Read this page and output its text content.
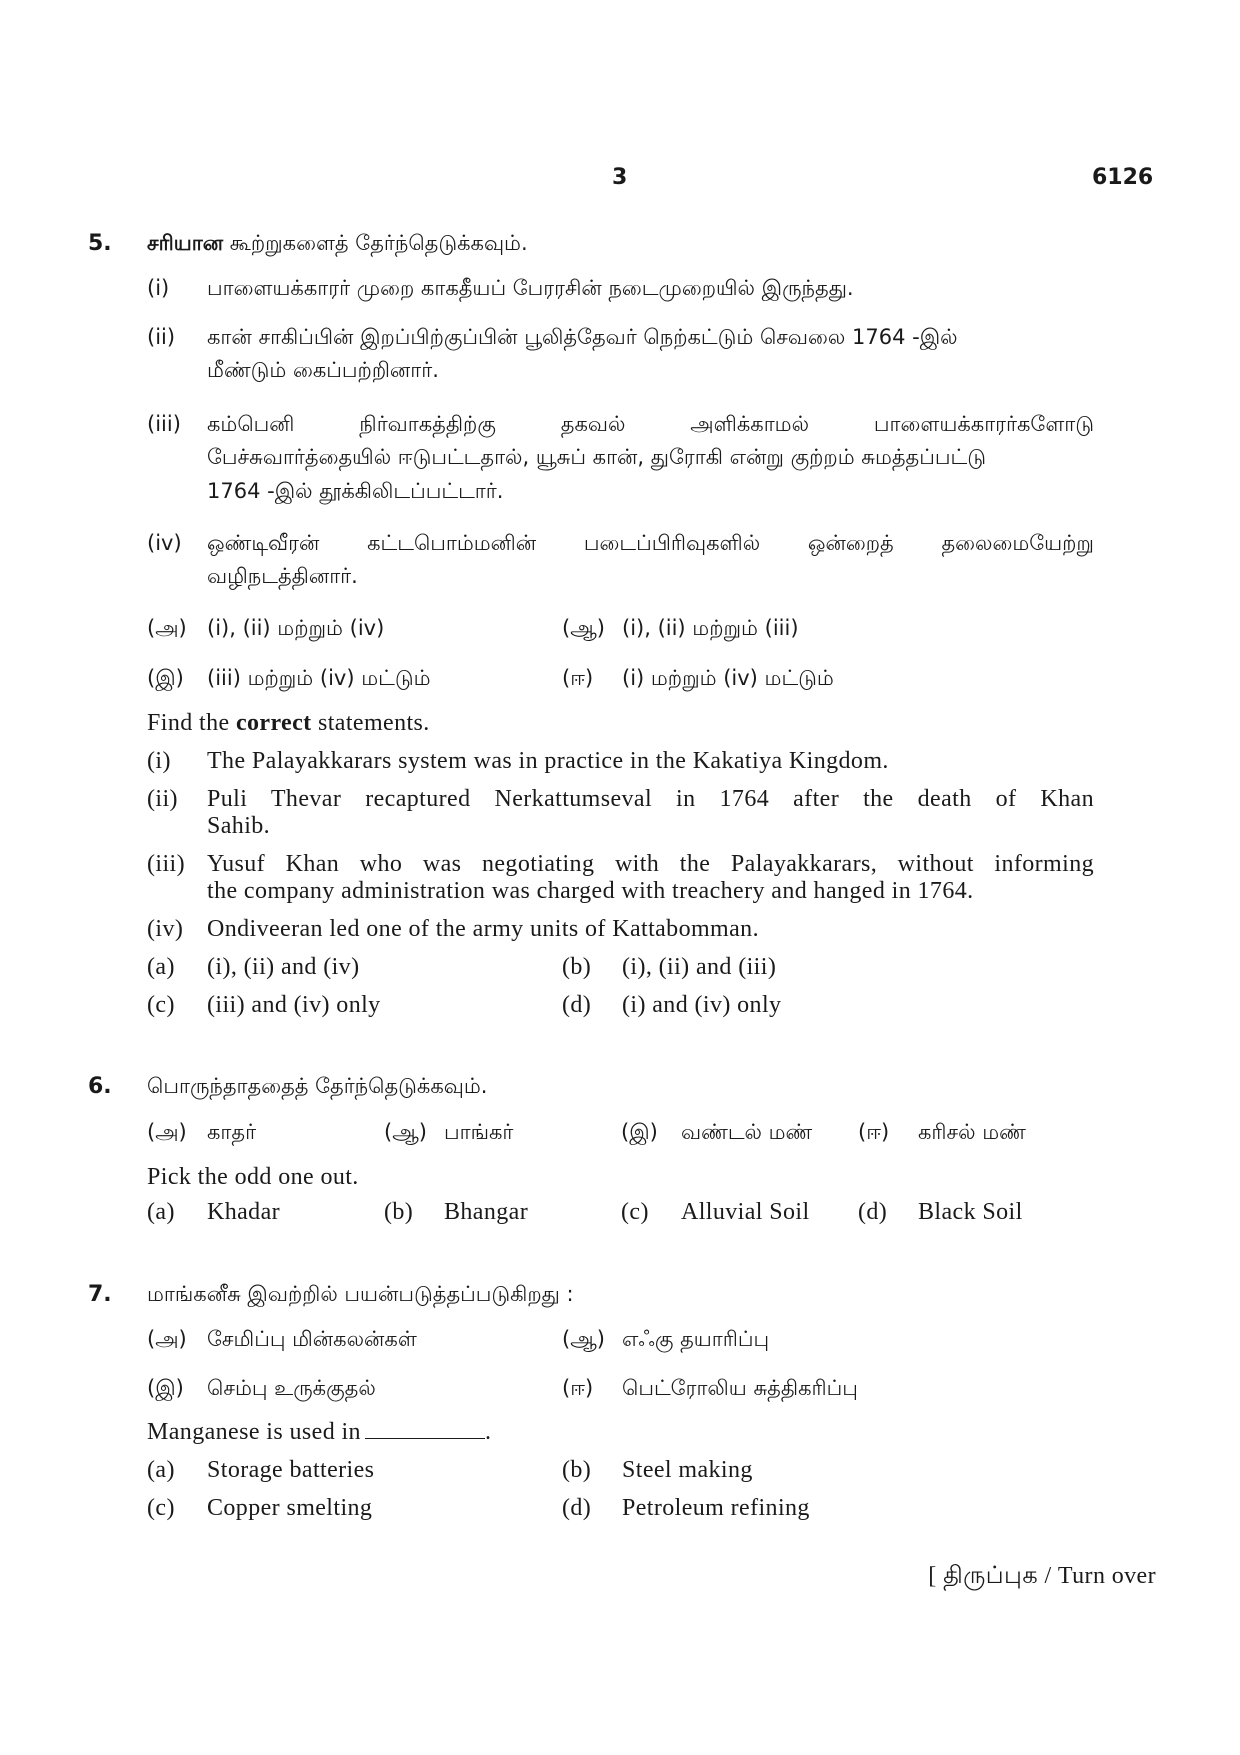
3	6126
5. சரியான கூற்றுகளைத் தேர்ந்தெடுக்கவும்.
(i) பாளையக்காரர் முறை காகதீயப் பேரரசின் நடைமுறையில் இருந்தது.
(ii) கான் சாகிப்பின் இறப்பிற்குப்பின் பூலித்தேவர் நெற்கட்டும் செவலை 1764 -இல்
மீண்டும் கைப்பற்றினார்.
(iii) கம்பெனி நிர்வாகத்திற்கு தகவல் அளிக்காமல் பாளையக்காரர்களோடு
பேச்சுவார்த்தையில் ஈடுபட்டதால், யூசுப் கான், துரோகி என்று குற்றம் சுமத்தப்பட்டு
1764 -இல் தூக்கிலிடப்பட்டார்.
(iv) ஒண்டிவீரன் கட்டபொம்மனின் படைப்பிரிவுகளில் ஒன்றைத் தலைமையேற்று
வழிநடத்தினார்.
(அ) (i), (ii) மற்றும் (iv)	(ஆ) (i), (ii) மற்றும் (iii)
(இ) (iii) மற்றும் (iv) மட்டும்	(ஈ) (i) மற்றும் (iv) மட்டும்
Find the correct statements.
(i) The Palayakkarars system was in practice in the Kakatiya Kingdom.
(ii) Puli Thevar recaptured Nerkattumseval in 1764 after the death of Khan
Sahib.
(iii) Yusuf Khan who was negotiating with the Palayakkarars, without informing
the company administration was charged with treachery and hanged in 1764.
(iv) Ondiveeran led one of the army units of Kattabomman.
(a) (i), (ii) and (iv)	(b) (i), (ii) and (iii)
(c) (iii) and (iv) only	(d) (i) and (iv) only
6. பொருந்தாததைத் தேர்ந்தெடுக்கவும்.
(அ) காதர்	(ஆ) பாங்கர்	(இ) வண்டல் மண் (ஈ) கரிசல் மண்
Pick the odd one out.
(a) Khadar	(b) Bhangar	(c) Alluvial Soil (d) Black Soil
7. மாங்கனீசு இவற்றில் பயன்படுத்தப்படுகிறது :
(அ) சேமிப்பு மின்கலன்கள்	(ஆ) எஃகு தயாரிப்பு
(இ) செம்பு உருக்குதல்	(ஈ) பெட்ரோலிய சுத்திகரிப்பு
Manganese is used in	.
(a) Storage batteries	(b) Steel making
(c) Copper smelting	(d) Petroleum refining
[ திருப்புக / Turn over
